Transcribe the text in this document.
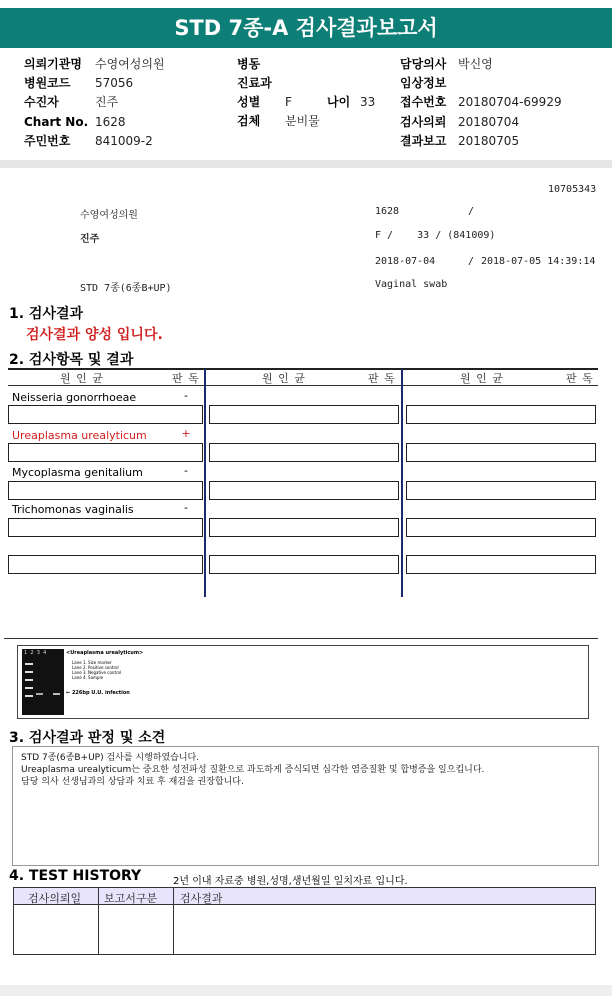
STD 7종-A 검사결과보고서
의뢰기관명 수영여성의원
병원코드 57056
수진자	진주
Chart No. 1628
주민번호 841009-2
병동
진료과
성별 F	나이 33
검체 분비물
담당의사 박신영
임상정보
접수번호 20180704-69929
검사의뢰 20180704
결과보고 20180705
10705343
수영여성의원	1628	/
진주	F /    33 / (841009)
2018-07-04	/ 2018-07-05 14:39:14
STD 7종(6종B+UP)	Vaginal swab
1. 검사결과
검사결과 양성 입니다.
2. 검사항목 및 결과
원 인 균	판 독	원 인 균	판 독	원 인 균	판 독
Neisseria gonorrhoeae	-
Ureaplasma urealyticum	+
Mycoplasma genitalium	-
Trichomonas vaginalis	-
1  2  3  4	<Ureaplasma urealyticum>
Lane 1. Size marker
Lane 2. Positive control
Lane 3. Negative control
Lane 4. Sample
← 226bp U.U. infection
3. 검사결과 판정 및 소견
STD 7종(6종B+UP) 검사를 시행하였습니다.
Ureaplasma urealyticum는 중요한 성전파성 질환으로 과도하게 증식되면 심각한 염증질환 및 합병증을 일으킵니다.
담당 의사 선생님과의 상담과 치료 후 재검을 권장합니다.
4. TEST HISTORY	2년 이내 자료중 병원,성명,생년월일 일치자료 입니다.
검사의뢰일 보고서구분 검사결과
